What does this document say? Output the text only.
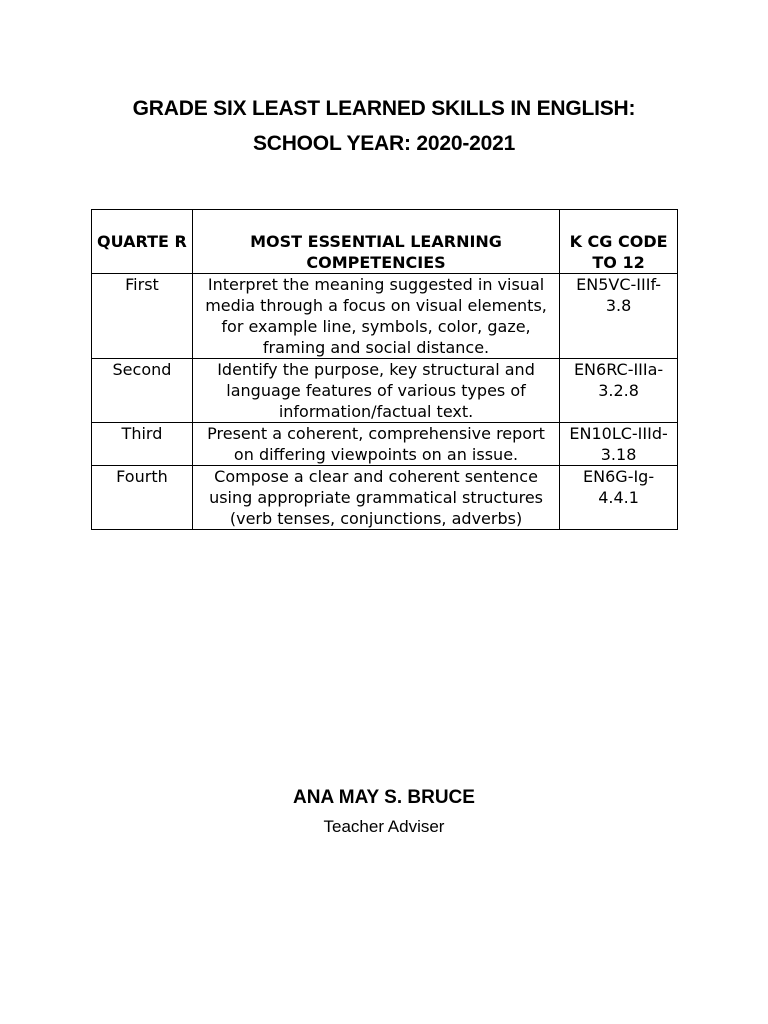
GRADE SIX LEAST LEARNED SKILLS IN ENGLISH:
SCHOOL YEAR: 2020-2021
QUARTE R	MOST ESSENTIAL LEARNING COMPETENCIES	K CG CODE TO 12
First	Interpret the meaning suggested in visual media through a focus on visual elements, for example line, symbols, color, gaze, framing and social distance.	EN5VC-IIIf-3.8
Second	Identify the purpose, key structural and language features of various types of information/factual text.	EN6RC-IIIa-3.2.8
Third	Present a coherent, comprehensive report on differing viewpoints on an issue.	EN10LC-IIId-3.18
Fourth	Compose a clear and coherent sentence using appropriate grammatical structures (verb tenses, conjunctions, adverbs)	EN6G-Ig-4.4.1
ANA MAY S. BRUCE
Teacher Adviser
